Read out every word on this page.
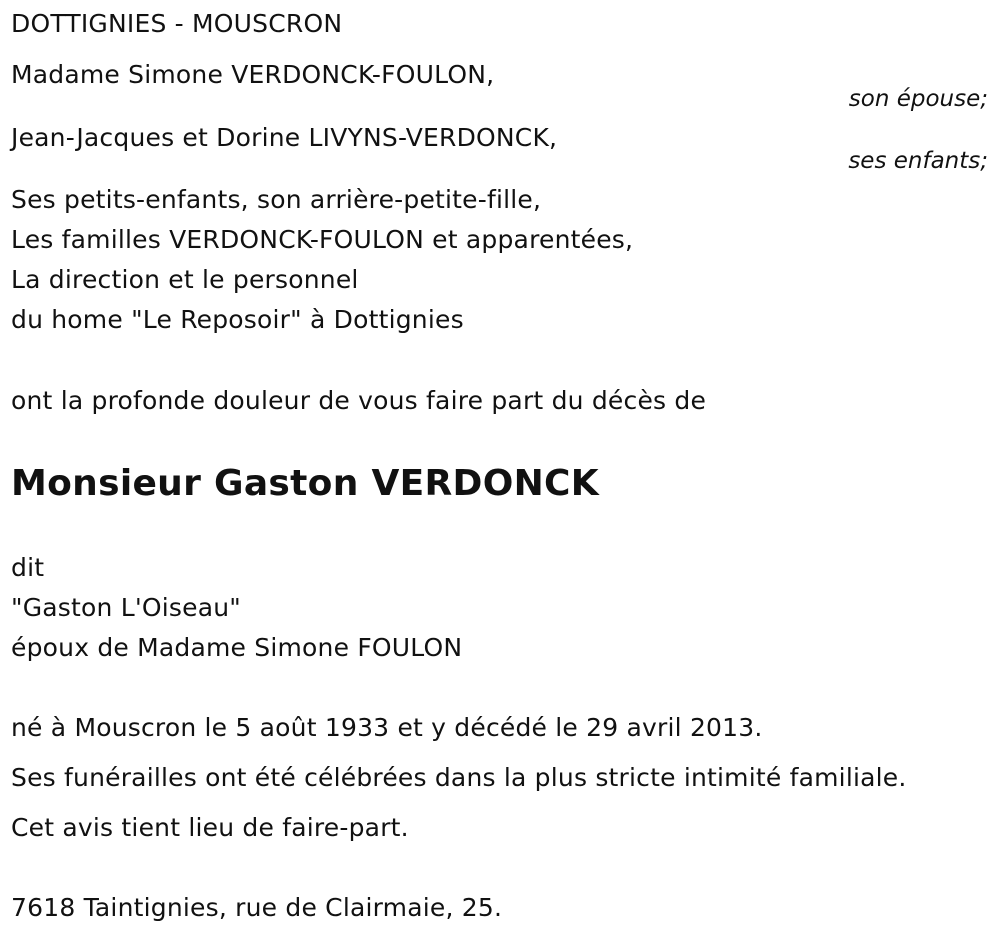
DOTTIGNIES - MOUSCRON
Madame Simone VERDONCK-FOULON,
son épouse;
Jean-Jacques et Dorine LIVYNS-VERDONCK,
ses enfants;
Ses petits-enfants, son arrière-petite-fille,
Les familles VERDONCK-FOULON et apparentées,
La direction et le personnel
du home "Le Reposoir" à Dottignies
ont la profonde douleur de vous faire part du décès de
Monsieur Gaston VERDONCK
dit
"Gaston L'Oiseau"
époux de Madame Simone FOULON
né à Mouscron le 5 août 1933 et y décédé le 29 avril 2013.
Ses funérailles ont été célébrées dans la plus stricte intimité familiale.
Cet avis tient lieu de faire-part.
7618 Taintignies, rue de Clairmaie, 25.
